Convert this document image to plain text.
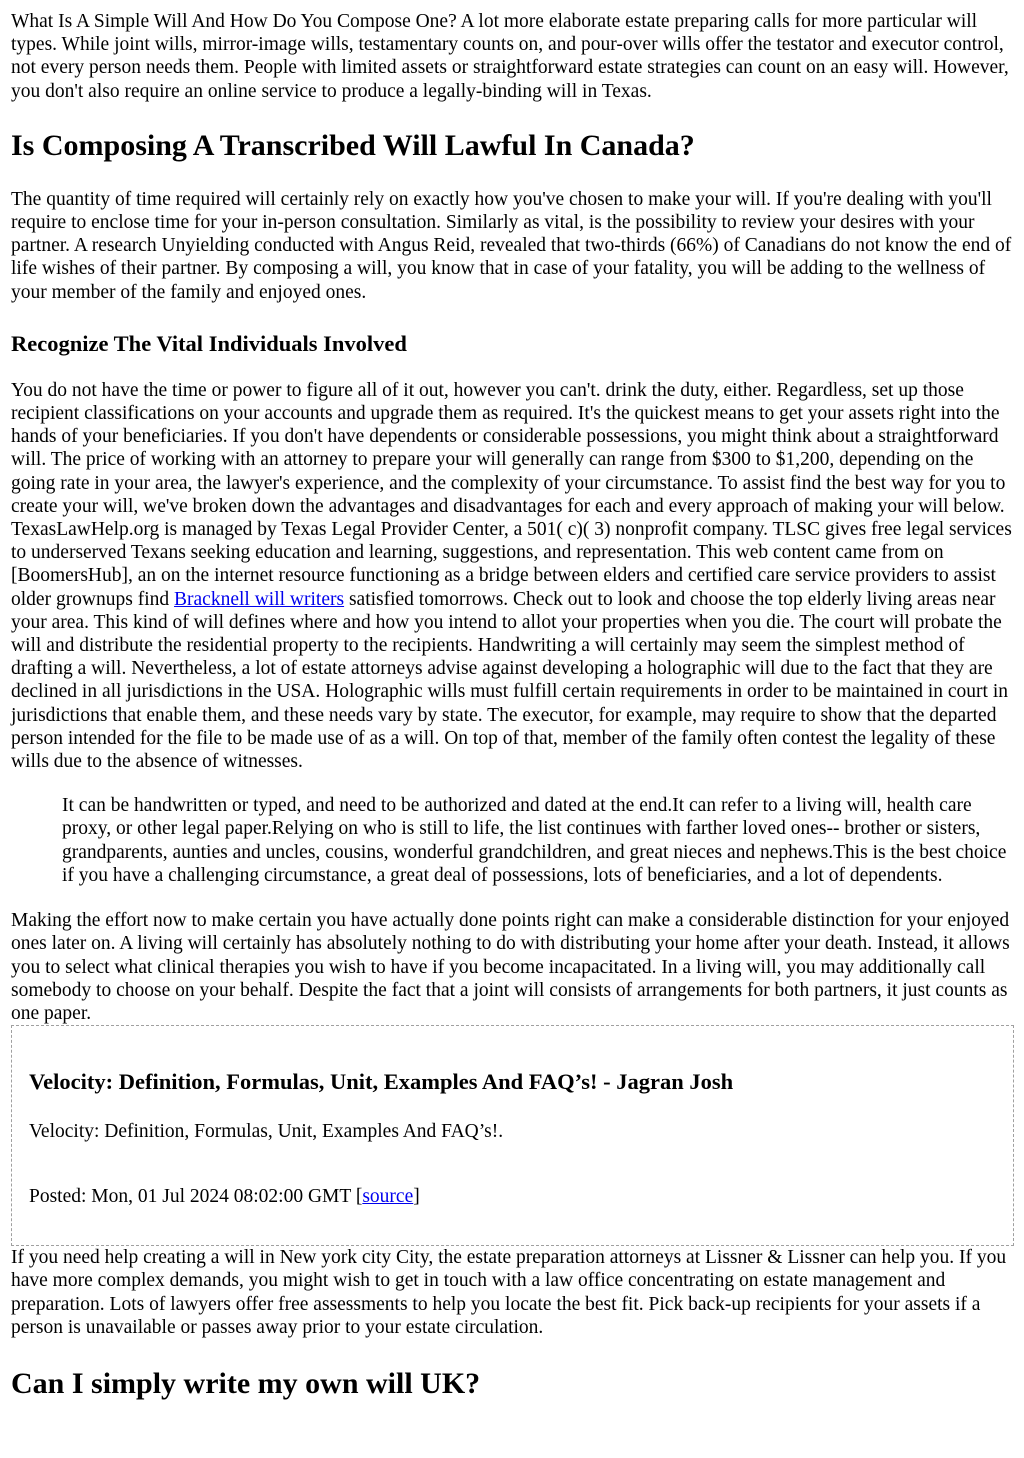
What Is A Simple Will And How Do You Compose One? A lot more elaborate estate preparing calls for more particular will types. While joint wills, mirror-image wills, testamentary counts on, and pour-over wills offer the testator and executor control, not every person needs them. People with limited assets or straightforward estate strategies can count on an easy will. However, you don't also require an online service to produce a legally-binding will in Texas.

Is Composing A Transcribed Will Lawful In Canada?

The quantity of time required will certainly rely on exactly how you've chosen to make your will. If you're dealing with you'll require to enclose time for your in-person consultation. Similarly as vital, is the possibility to review your desires with your partner. A research Unyielding conducted with Angus Reid, revealed that two-thirds (66%) of Canadians do not know the end of life wishes of their partner. By composing a will, you know that in case of your fatality, you will be adding to the wellness of your member of the family and enjoyed ones.

Recognize The Vital Individuals Involved

You do not have the time or power to figure all of it out, however you can't. drink the duty, either. Regardless, set up those recipient classifications on your accounts and upgrade them as required. It's the quickest means to get your assets right into the hands of your beneficiaries. If you don't have dependents or considerable possessions, you might think about a straightforward will. The price of working with an attorney to prepare your will generally can range from $300 to $1,200, depending on the going rate in your area, the lawyer's experience, and the complexity of your circumstance. To assist find the best way for you to create your will, we've broken down the advantages and disadvantages for each and every approach of making your will below. TexasLawHelp.org is managed by Texas Legal Provider Center, a 501( c)( 3) nonprofit company. TLSC gives free legal services to underserved Texans seeking education and learning, suggestions, and representation. This web content came from on [BoomersHub], an on the internet resource functioning as a bridge between elders and certified care service providers to assist older grownups find Bracknell will writers satisfied tomorrows. Check out to look and choose the top elderly living areas near your area. This kind of will defines where and how you intend to allot your properties when you die. The court will probate the will and distribute the residential property to the recipients. Handwriting a will certainly may seem the simplest method of drafting a will. Nevertheless, a lot of estate attorneys advise against developing a holographic will due to the fact that they are declined in all jurisdictions in the USA. Holographic wills must fulfill certain requirements in order to be maintained in court in jurisdictions that enable them, and these needs vary by state. The executor, for example, may require to show that the departed person intended for the file to be made use of as a will. On top of that, member of the family often contest the legality of these wills due to the absence of witnesses.

It can be handwritten or typed, and need to be authorized and dated at the end.It can refer to a living will, health care proxy, or other legal paper.Relying on who is still to life, the list continues with farther loved ones-- brother or sisters, grandparents, aunties and uncles, cousins, wonderful grandchildren, and great nieces and nephews.This is the best choice if you have a challenging circumstance, a great deal of possessions, lots of beneficiaries, and a lot of dependents.

Making the effort now to make certain you have actually done points right can make a considerable distinction for your enjoyed ones later on. A living will certainly has absolutely nothing to do with distributing your home after your death. Instead, it allows you to select what clinical therapies you wish to have if you become incapacitated. In a living will, you may additionally call somebody to choose on your behalf. Despite the fact that a joint will consists of arrangements for both partners, it just counts as one paper.

Velocity: Definition, Formulas, Unit, Examples And FAQ’s! - Jagran Josh

Velocity: Definition, Formulas, Unit, Examples And FAQ’s!.

Posted: Mon, 01 Jul 2024 08:02:00 GMT [source]

If you need help creating a will in New york city City, the estate preparation attorneys at Lissner & Lissner can help you. If you have more complex demands, you might wish to get in touch with a law office concentrating on estate management and preparation. Lots of lawyers offer free assessments to help you locate the best fit. Pick back-up recipients for your assets if a person is unavailable or passes away prior to your estate circulation.

Can I simply write my own will UK?
